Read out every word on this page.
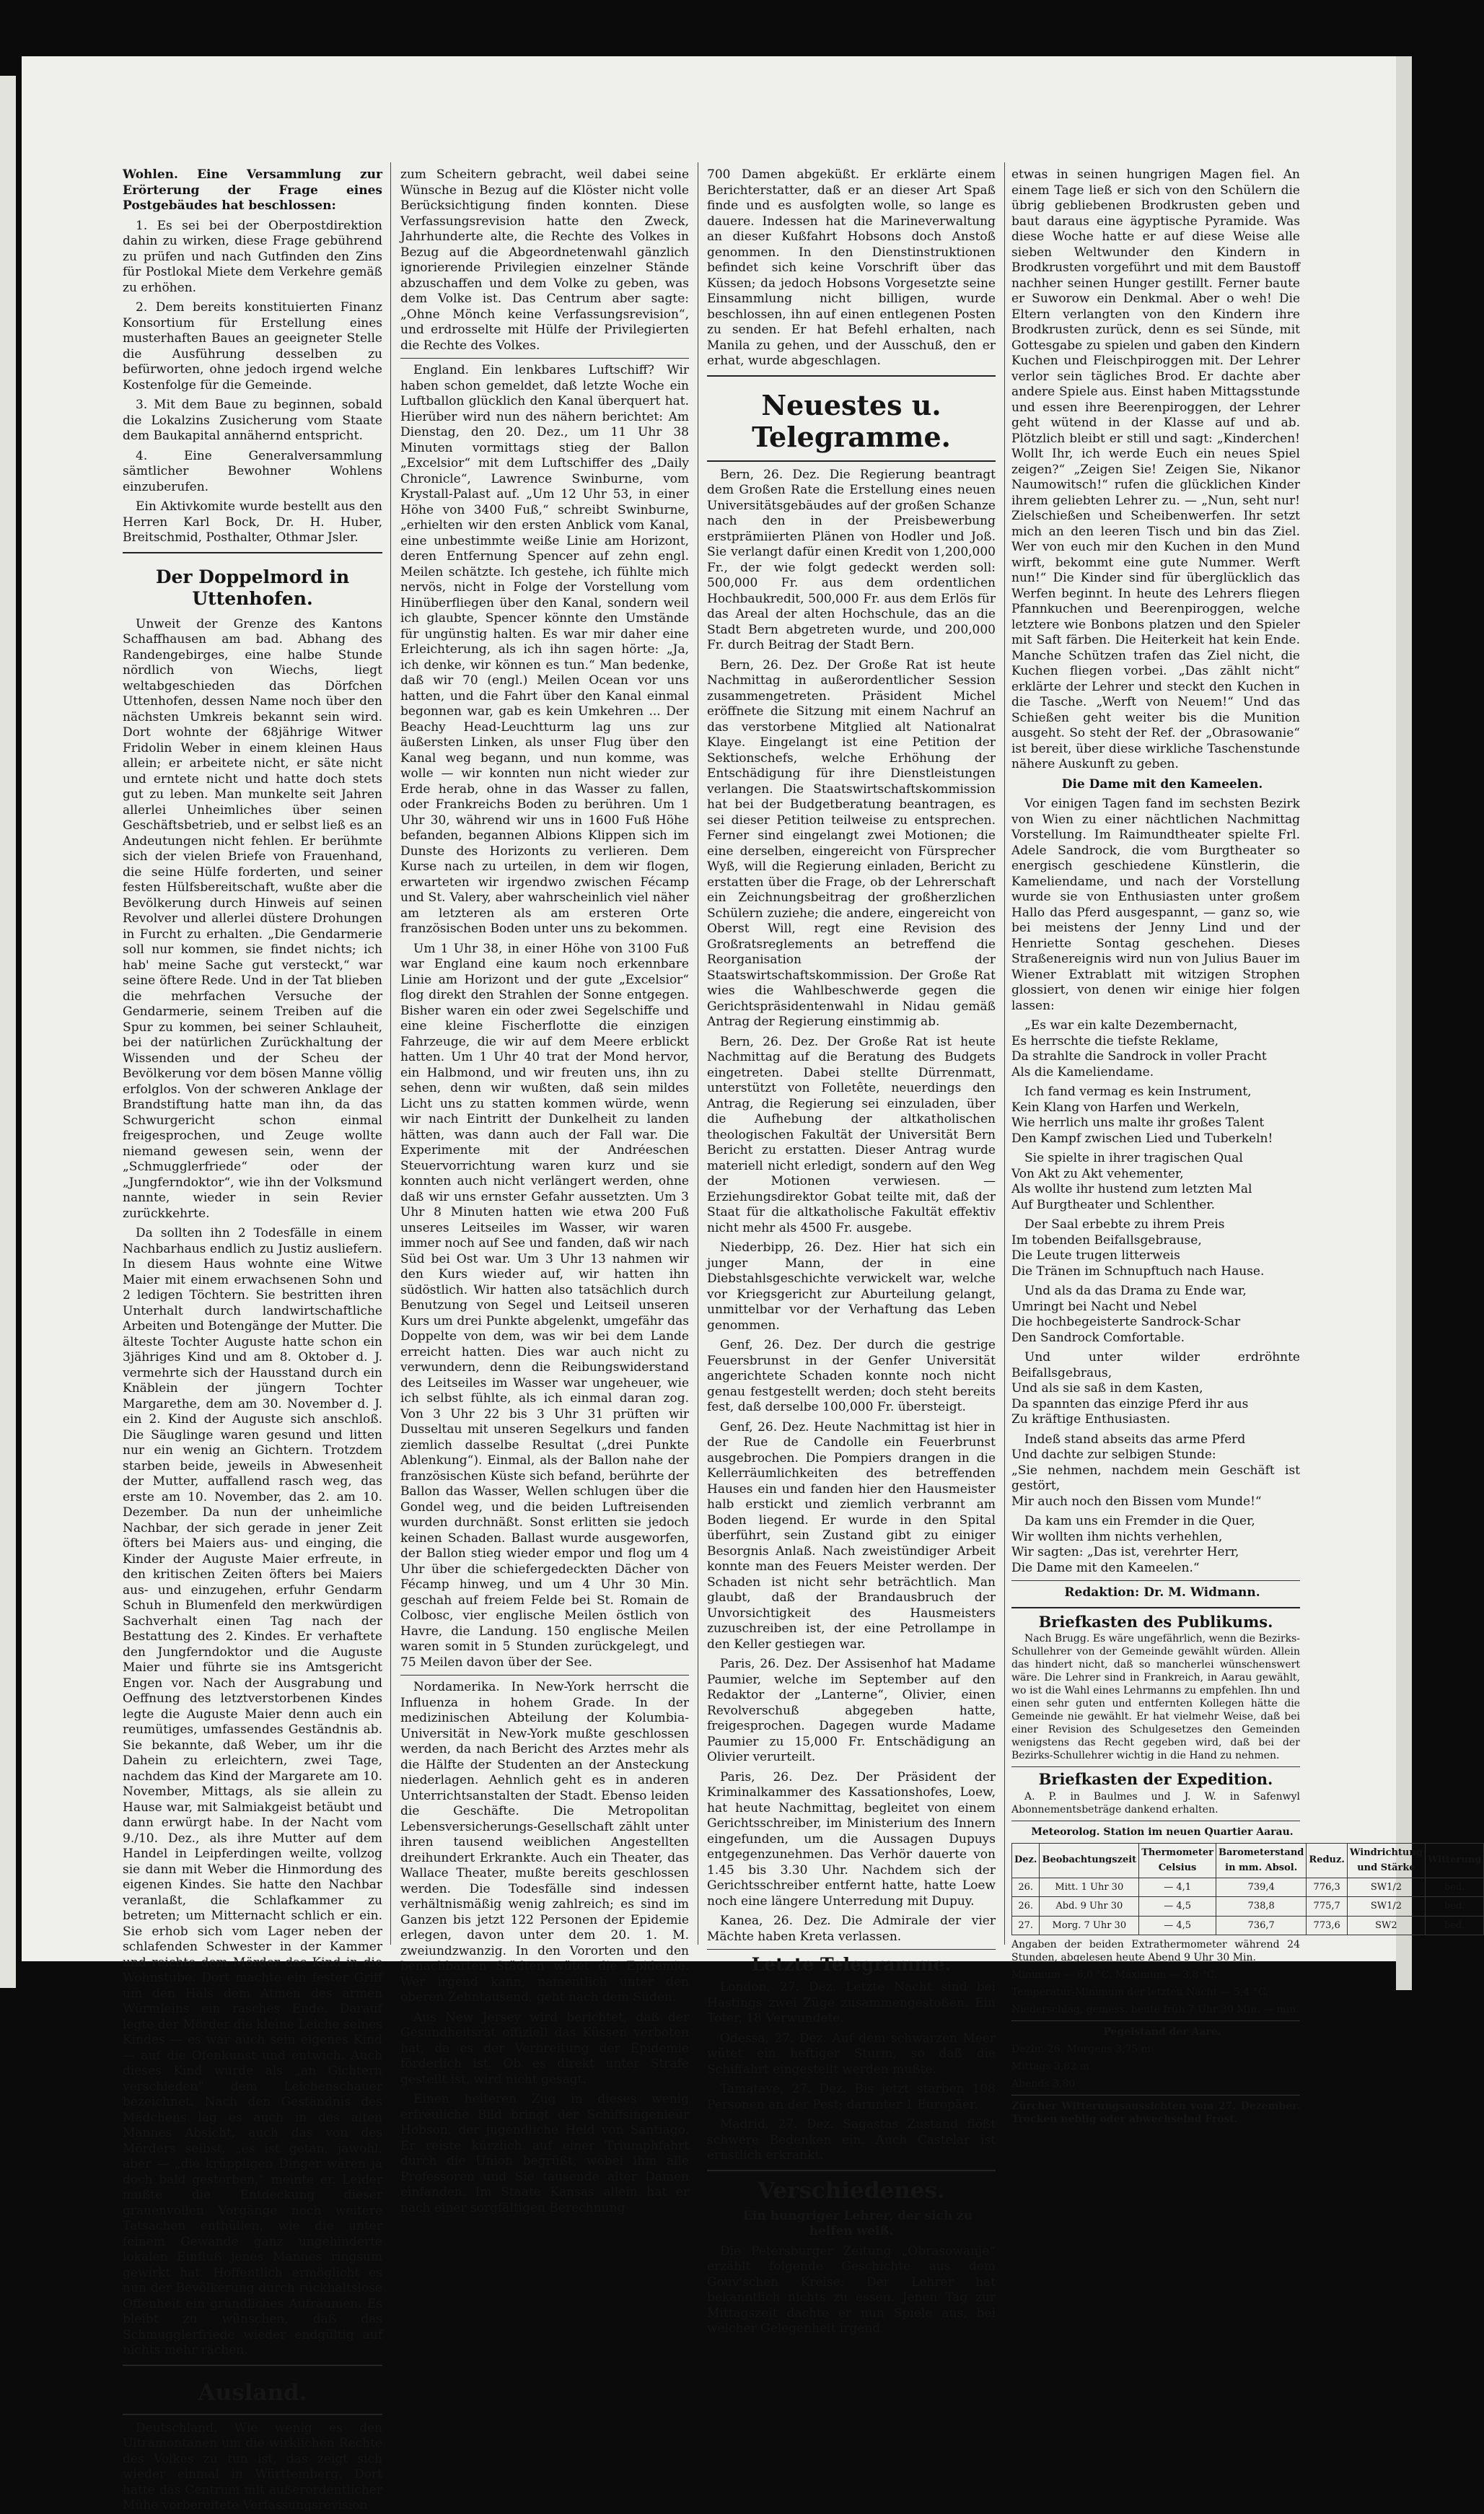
Wohlen. Eine Versammlung zur Erörterung der Frage eines Postgebäudes hat beschlossen:

1. Es sei bei der Oberpostdirektion dahin zu wirken, diese Frage gebührend zu prüfen und nach Gutfinden den Zins für Postlokal Miete dem Verkehre gemäß zu erhöhen.

2. Dem bereits konstituierten Finanz Konsortium für Erstellung eines musterhaften Baues an geeigneter Stelle die Ausführung desselben zu befürworten, ohne jedoch irgend welche Kostenfolge für die Gemeinde.

3. Mit dem Baue zu beginnen, sobald die Lokalzins Zusicherung vom Staate dem Baukapital annähernd entspricht.

4. Eine Generalversammlung sämtlicher Bewohner Wohlens einzuberufen.

Ein Aktivkomite wurde bestellt aus den Herren Karl Bock, Dr. H. Huber, Breitschmid, Posthalter, Othmar Jsler.

Der Doppelmord in Uttenhofen.

Unweit der Grenze des Kantons Schaffhausen am bad. Abhang des Randengebirges, eine halbe Stunde nördlich von Wiechs, liegt weltabgeschieden das Dörfchen Uttenhofen, dessen Name noch über den nächsten Umkreis bekannt sein wird. Dort wohnte der 68jährige Witwer Fridolin Weber in einem kleinen Haus allein; er arbeitete nicht, er säte nicht und erntete nicht und hatte doch stets gut zu leben. Man munkelte seit Jahren allerlei Unheimliches über seinen Geschäftsbetrieb, und er selbst ließ es an Andeutungen nicht fehlen. Er berühmte sich der vielen Briefe von Frauenhand, die seine Hülfe forderten, und seiner festen Hülfsbereitschaft, wußte aber die Bevölkerung durch Hinweis auf seinen Revolver und allerlei düstere Drohungen in Furcht zu erhalten. „Die Gendarmerie soll nur kommen, sie findet nichts; ich hab' meine Sache gut versteckt,“ war seine öftere Rede. Und in der Tat blieben die mehrfachen Versuche der Gendarmerie, seinem Treiben auf die Spur zu kommen, bei seiner Schlauheit, bei der natürlichen Zurückhaltung der Wissenden und der Scheu der Bevölkerung vor dem bösen Manne völlig erfolglos. Von der schweren Anklage der Brandstiftung hatte man ihn, da das Schwurgericht schon einmal freigesprochen, und Zeuge wollte niemand gewesen sein, wenn der „Schmugglerfriede“ oder der „Jungferndoktor“, wie ihn der Volksmund nannte, wieder in sein Revier zurückkehrte.

Da sollten ihn 2 Todesfälle in einem Nachbarhaus endlich zu Justiz ausliefern. In diesem Haus wohnte eine Witwe Maier mit einem erwachsenen Sohn und 2 ledigen Töchtern. Sie bestritten ihren Unterhalt durch landwirtschaftliche Arbeiten und Botengänge der Mutter. Die älteste Tochter Auguste hatte schon ein 3jähriges Kind und am 8. Oktober d. J. vermehrte sich der Hausstand durch ein Knäblein der jüngern Tochter Margarethe, dem am 30. November d. J. ein 2. Kind der Auguste sich anschloß. Die Säuglinge waren gesund und litten nur ein wenig an Gichtern. Trotzdem starben beide, jeweils in Abwesenheit der Mutter, auffallend rasch weg, das erste am 10. November, das 2. am 10. Dezember. Da nun der unheimliche Nachbar, der sich gerade in jener Zeit öfters bei Maiers aus- und einging, die Kinder der Auguste Maier erfreute, in den kritischen Zeiten öfters bei Maiers aus- und einzugehen, erfuhr Gendarm Schuh in Blumenfeld den merkwürdigen Sachverhalt einen Tag nach der Bestattung des 2. Kindes. Er verhaftete den Jungferndoktor und die Auguste Maier und führte sie ins Amtsgericht Engen vor. Nach der Ausgrabung und Oeffnung des letztverstorbenen Kindes legte die Auguste Maier denn auch ein reumütiges, umfassendes Geständnis ab. Sie bekannte, daß Weber, um ihr die Dahein zu erleichtern, zwei Tage, nachdem das Kind der Margarete am 10. November, Mittags, als sie allein zu Hause war, mit Salmiakgeist betäubt und dann erwürgt habe. In der Nacht vom 9./10. Dez., als ihre Mutter auf dem Handel in Leipferdingen weilte, vollzog sie dann mit Weber die Hinmordung des eigenen Kindes. Sie hatte den Nachbar veranlaßt, die Schlafkammer zu betreten; um Mitternacht schlich er ein. Sie erhob sich vom Lager neben der schlafenden Schwester in der Kammer und reichte dem Mörder das Kind in die Wohnstube. Dort machte ein fester Griff um den Hals dem Atmen des armen Würmleins ein rasches Ende. Darauf legte der Mörder die kleine Leiche seines Kindes — es war auch sein eigenes Kind — auf die Ofenkunst und entwich. Auch dieses Kind wurde als „an Gichtern verschieden“ dem Leichenschauer bezeichnet. Nach den Geständnis des Mädchens lag es auch in des alten Mannes Absicht, auch das von des Mörders selbst, „es ist getan, jawohl, aber — „die krüppligen Dinger wären ja doch bald gestorben,“ meinte er. Leider mußte die Entdeckung dieser grauenvollen Vorgänge noch weitere Tatsachen enthüllen, wie die unter feinem Gewande ganz ungehinderte lokalen Einfluß jenes Mannes ringsum gewirkt hat. Hoffentlich ermöglicht es nun der Bevölkerung durch rückhaltslose Offenheit ein gründliches Aufräumen. Es bleibt zu wünschen, daß das Schmugglerfriede wieder endgültig auf nichts mehr rächen.

Ausland.

Deutschland. Wie wenig es den Ultramontanen um die wirklichen Rechte des Volkes zu tun ist, das zeigt sich wieder einmal in Württemberg. Dort hatte das Centrum mit außerordentlicher Mühe vorbereitete Verfassungsrevision

zum Scheitern gebracht, weil dabei seine Wünsche in Bezug auf die Klöster nicht volle Berücksichtigung finden konnten. Diese Verfassungsrevision hatte den Zweck, Jahrhunderte alte, die Rechte des Volkes in Bezug auf die Abgeordnetenwahl gänzlich ignorierende Privilegien einzelner Stände abzuschaffen und dem Volke zu geben, was dem Volke ist. Das Centrum aber sagte: „Ohne Mönch keine Verfassungsrevision“, und erdrosselte mit Hülfe der Privilegierten die Rechte des Volkes.

England. Ein lenkbares Luftschiff? Wir haben schon gemeldet, daß letzte Woche ein Luftballon glücklich den Kanal überquert hat. Hierüber wird nun des nähern berichtet: Am Dienstag, den 20. Dez., um 11 Uhr 38 Minuten vormittags stieg der Ballon „Excelsior“ mit dem Luftschiffer des „Daily Chronicle“, Lawrence Swinburne, vom Krystall-Palast auf. „Um 12 Uhr 53, in einer Höhe von 3400 Fuß,“ schreibt Swinburne, „erhielten wir den ersten Anblick vom Kanal, eine unbestimmte weiße Linie am Horizont, deren Entfernung Spencer auf zehn engl. Meilen schätzte. Ich gestehe, ich fühlte mich nervös, nicht in Folge der Vorstellung vom Hinüberfliegen über den Kanal, sondern weil ich glaubte, Spencer könnte den Umstände für ungünstig halten. Es war mir daher eine Erleichterung, als ich ihn sagen hörte: „Ja, ich denke, wir können es tun.“ Man bedenke, daß wir 70 (engl.) Meilen Ocean vor uns hatten, und die Fahrt über den Kanal einmal begonnen war, gab es kein Umkehren ... Der Beachy Head-Leuchtturm lag uns zur äußersten Linken, als unser Flug über den Kanal weg begann, und nun komme, was wolle — wir konnten nun nicht wieder zur Erde herab, ohne in das Wasser zu fallen, oder Frankreichs Boden zu berühren. Um 1 Uhr 30, während wir uns in 1600 Fuß Höhe befanden, begannen Albions Klippen sich im Dunste des Horizonts zu verlieren. Dem Kurse nach zu urteilen, in dem wir flogen, erwarteten wir irgendwo zwischen Fécamp und St. Valery, aber wahrscheinlich viel näher am letzteren als am ersteren Orte französischen Boden unter uns zu bekommen.

Um 1 Uhr 38, in einer Höhe von 3100 Fuß war England eine kaum noch erkennbare Linie am Horizont und der gute „Excelsior“ flog direkt den Strahlen der Sonne entgegen. Bisher waren ein oder zwei Segelschiffe und eine kleine Fischerflotte die einzigen Fahrzeuge, die wir auf dem Meere erblickt hatten. Um 1 Uhr 40 trat der Mond hervor, ein Halbmond, und wir freuten uns, ihn zu sehen, denn wir wußten, daß sein mildes Licht uns zu statten kommen würde, wenn wir nach Eintritt der Dunkelheit zu landen hätten, was dann auch der Fall war. Die Experimente mit der Andréeschen Steuervorrichtung waren kurz und sie konnten auch nicht verlängert werden, ohne daß wir uns ernster Gefahr aussetzten. Um 3 Uhr 8 Minuten hatten wie etwa 200 Fuß unseres Leitseiles im Wasser, wir waren immer noch auf See und fanden, daß wir nach Süd bei Ost war. Um 3 Uhr 13 nahmen wir den Kurs wieder auf, wir hatten ihn südöstlich. Wir hatten also tatsächlich durch Benutzung von Segel und Leitseil unseren Kurs um drei Punkte abgelenkt, umgefähr das Doppelte von dem, was wir bei dem Lande erreicht hatten. Dies war auch nicht zu verwundern, denn die Reibungswiderstand des Leitseiles im Wasser war ungeheuer, wie ich selbst fühlte, als ich einmal daran zog. Von 3 Uhr 22 bis 3 Uhr 31 prüften wir Dusseltau mit unseren Segelkurs und fanden ziemlich dasselbe Resultat („drei Punkte Ablenkung“). Einmal, als der Ballon nahe der französischen Küste sich befand, berührte der Ballon das Wasser, Wellen schlugen über die Gondel weg, und die beiden Luftreisenden wurden durchnäßt. Sonst erlitten sie jedoch keinen Schaden. Ballast wurde ausgeworfen, der Ballon stieg wieder empor und flog um 4 Uhr über die schiefergedeckten Dächer von Fécamp hinweg, und um 4 Uhr 30 Min. geschah auf freiem Felde bei St. Romain de Colbosc, vier englische Meilen östlich von Havre, die Landung. 150 englische Meilen waren somit in 5 Stunden zurückgelegt, und 75 Meilen davon über der See.

Nordamerika. In New-York herrscht die Influenza in hohem Grade. In der medizinischen Abteilung der Kolumbia-Universität in New-York mußte geschlossen werden, da nach Bericht des Arztes mehr als die Hälfte der Studenten an der Ansteckung niederlagen. Aehnlich geht es in anderen Unterrichtsanstalten der Stadt. Ebenso leiden die Geschäfte. Die Metropolitan Lebensversicherungs-Gesellschaft zählt unter ihren tausend weiblichen Angestellten dreihundert Erkrankte. Auch ein Theater, das Wallace Theater, mußte bereits geschlossen werden. Die Todesfälle sind indessen verhältnismäßig wenig zahlreich; es sind im Ganzen bis jetzt 122 Personen der Epidemie erlegen, davon unter dem 20. 1. M. zweiundzwanzig. In den Vororten und den benachbarten Städten wütet die Epidemie. Wer irgend kann, namentlich unter den oberen Zehntausend, geht nach dem Süden.

Aus New Jersey wird berichtet, daß der Gesundheitsrat offiziell das Küssen verboten hat, da es der Verbreitung der Epidemie förderlich ist. Ob es direkt unter Strafe gestellt ist, wird nicht gesagt.

Einen heiteren Zug in dieses wenig erfreuliche Bild bringt der Schiffsingenieur Hobson, der jugendliche Held von Santiago. Er reiste kürzlich auf einer Triumphfahrt durch die Union begrüßt, wobei ihm alle Professoren und Sie tausende alter Damen einfanden. Im Staate Kansas allein hat er nach einer sorgfältigen Berechnung

700 Damen abgeküßt. Er erklärte einem Berichterstatter, daß er an dieser Art Spaß finde und es ausfolgten wolle, so lange es dauere. Indessen hat die Marineverwaltung an dieser Kußfahrt Hobsons doch Anstoß genommen. In den Dienstinstruktionen befindet sich keine Vorschrift über das Küssen; da jedoch Hobsons Vorgesetzte seine Einsammlung nicht billigen, wurde beschlossen, ihn auf einen entlegenen Posten zu senden. Er hat Befehl erhalten, nach Manila zu gehen, und der Ausschuß, den er erhat, wurde abgeschlagen.

Neuestes u. Telegramme.

Bern, 26. Dez. Die Regierung beantragt dem Großen Rate die Erstellung eines neuen Universitätsgebäudes auf der großen Schanze nach den in der Preisbewerbung erstprämiierten Plänen von Hodler und Joß. Sie verlangt dafür einen Kredit von 1,200,000 Fr., der wie folgt gedeckt werden soll: 500,000 Fr. aus dem ordentlichen Hochbaukredit, 500,000 Fr. aus dem Erlös für das Areal der alten Hochschule, das an die Stadt Bern abgetreten wurde, und 200,000 Fr. durch Beitrag der Stadt Bern.

Bern, 26. Dez. Der Große Rat ist heute Nachmittag in außerordentlicher Session zusammengetreten. Präsident Michel eröffnete die Sitzung mit einem Nachruf an das verstorbene Mitglied alt Nationalrat Klaye. Eingelangt ist eine Petition der Sektionschefs, welche Erhöhung der Entschädigung für ihre Dienstleistungen verlangen. Die Staatswirtschaftskommission hat bei der Budgetberatung beantragen, es sei dieser Petition teilweise zu entsprechen. Ferner sind eingelangt zwei Motionen; die eine derselben, eingereicht von Fürsprecher Wyß, will die Regierung einladen, Bericht zu erstatten über die Frage, ob der Lehrerschaft ein Zeichnungsbeitrag der großherzlichen Schülern zuziehe; die andere, eingereicht von Oberst Will, regt eine Revision des Großratsreglements an betreffend die Reorganisation der Staatswirtschaftskommission. Der Große Rat wies die Wahlbeschwerde gegen die Gerichtspräsidentenwahl in Nidau gemäß Antrag der Regierung einstimmig ab.

Bern, 26. Dez. Der Große Rat ist heute Nachmittag auf die Beratung des Budgets eingetreten. Dabei stellte Dürrenmatt, unterstützt von Folletête, neuerdings den Antrag, die Regierung sei einzuladen, über die Aufhebung der altkatholischen theologischen Fakultät der Universität Bern Bericht zu erstatten. Dieser Antrag wurde materiell nicht erledigt, sondern auf den Weg der Motionen verwiesen. — Erziehungsdirektor Gobat teilte mit, daß der Staat für die altkatholische Fakultät effektiv nicht mehr als 4500 Fr. ausgebe.

Niederbipp, 26. Dez. Hier hat sich ein junger Mann, der in eine Diebstahlsgeschichte verwickelt war, welche vor Kriegsgericht zur Aburteilung gelangt, unmittelbar vor der Verhaftung das Leben genommen.

Genf, 26. Dez. Der durch die gestrige Feuersbrunst in der Genfer Universität angerichtete Schaden konnte noch nicht genau festgestellt werden; doch steht bereits fest, daß derselbe 100,000 Fr. übersteigt.

Genf, 26. Dez. Heute Nachmittag ist hier in der Rue de Candolle ein Feuerbrunst ausgebrochen. Die Pompiers drangen in die Kellerräumlichkeiten des betreffenden Hauses ein und fanden hier den Hausmeister halb erstickt und ziemlich verbrannt am Boden liegend. Er wurde in den Spital überführt, sein Zustand gibt zu einiger Besorgnis Anlaß. Nach zweistündiger Arbeit konnte man des Feuers Meister werden. Der Schaden ist nicht sehr beträchtlich. Man glaubt, daß der Brandausbruch der Unvorsichtigkeit des Hausmeisters zuzuschreiben ist, der eine Petrollampe in den Keller gestiegen war.

Paris, 26. Dez. Der Assisenhof hat Madame Paumier, welche im September auf den Redaktor der „Lanterne“, Olivier, einen Revolverschuß abgegeben hatte, freigesprochen. Dagegen wurde Madame Paumier zu 15,000 Fr. Entschädigung an Olivier verurteilt.

Paris, 26. Dez. Der Präsident der Kriminalkammer des Kassationshofes, Loew, hat heute Nachmittag, begleitet von einem Gerichtsschreiber, im Ministerium des Innern eingefunden, um die Aussagen Dupuys entgegenzunehmen. Das Verhör dauerte von 1.45 bis 3.30 Uhr. Nachdem sich der Gerichtsschreiber entfernt hatte, hatte Loew noch eine längere Unterredung mit Dupuy.

Kanea, 26. Dez. Die Admirale der vier Mächte haben Kreta verlassen.

Letzte Telegramme.

London, 27. Dez. Letzte Nacht sind bei Hastings zwei Züge zusammengestoßen. Ein Toter, 18 Verwundete.

Odessa, 27. Dez. Auf dem schwarzen Meer wütet ein heftiger Sturm, so daß die Schiffahrt eingestellt werden mußte.

Tamatave, 27. Dez. Bis jetzt starben 108 Personen an der Pest; darunter 1 Europäer.

Madrid, 27. Dez. Sagastas Zustand flößt schwere Bedenken ein. Auch Castelar ist ernstlich erkrankt.

Verschiedenes.

Ein hungriger Lehrer, der sich zu helfen weiß.

Die Petersburger Zeitung „Obrasowanje“ erzählt folgende Geschichte aus dem Gouv'schen Kreise: Der Lehrer hat bekanntlich nichts zu essen. Jenen Tag zur Mittagszeit dachte er nun Spiele aus, bei welcher Gelegenheit irgend

etwas in seinen hungrigen Magen fiel. An einem Tage ließ er sich von den Schülern die übrig gebliebenen Brodkrusten geben und baut daraus eine ägyptische Pyramide. Was diese Woche hatte er auf diese Weise alle sieben Weltwunder den Kindern in Brodkrusten vorgeführt und mit dem Baustoff nachher seinen Hunger gestillt. Ferner baute er Suworow ein Denkmal. Aber o weh! Die Eltern verlangten von den Kindern ihre Brodkrusten zurück, denn es sei Sünde, mit Gottesgabe zu spielen und gaben den Kindern Kuchen und Fleischpiroggen mit. Der Lehrer verlor sein tägliches Brod. Er dachte aber andere Spiele aus. Einst haben Mittagsstunde und essen ihre Beerenpiroggen, der Lehrer geht wütend in der Klasse auf und ab. Plötzlich bleibt er still und sagt: „Kinderchen! Wollt Ihr, ich werde Euch ein neues Spiel zeigen?“ „Zeigen Sie! Zeigen Sie, Nikanor Naumowitsch!“ rufen die glücklichen Kinder ihrem geliebten Lehrer zu. — „Nun, seht nur! Zielschießen und Scheibenwerfen. Ihr setzt mich an den leeren Tisch und bin das Ziel. Wer von euch mir den Kuchen in den Mund wirft, bekommt eine gute Nummer. Werft nun!“ Die Kinder sind für überglücklich das Werfen beginnt. In heute des Lehrers fliegen Pfannkuchen und Beerenpiroggen, welche letztere wie Bonbons platzen und den Spieler mit Saft färben. Die Heiterkeit hat kein Ende. Manche Schützen trafen das Ziel nicht, die Kuchen fliegen vorbei. „Das zählt nicht“ erklärte der Lehrer und steckt den Kuchen in die Tasche. „Werft von Neuem!“ Und das Schießen geht weiter bis die Munition ausgeht. So steht der Ref. der „Obrasowanie“ ist bereit, über diese wirkliche Taschenstunde nähere Auskunft zu geben.

Die Dame mit den Kameelen.

Vor einigen Tagen fand im sechsten Bezirk von Wien zu einer nächtlichen Nachmittag Vorstellung. Im Raimundtheater spielte Frl. Adele Sandrock, die vom Burgtheater so energisch geschiedene Künstlerin, die Kameliendame, und nach der Vorstellung wurde sie von Enthusiasten unter großem Hallo das Pferd ausgespannt, — ganz so, wie bei meistens der Jenny Lind und der Henriette Sontag geschehen. Dieses Straßenereignis wird nun von Julius Bauer im Wiener Extrablatt mit witzigen Strophen glossiert, von denen wir einige hier folgen lassen:

„Es war ein kalte Dezembernacht,
Es herrschte die tiefste Reklame,
Da strahlte die Sandrock in voller Pracht
Als die Kameliendame.

Ich fand vermag es kein Instrument,
Kein Klang von Harfen und Werkeln,
Wie herrlich uns malte ihr großes Talent
Den Kampf zwischen Lied und Tuberkeln!

Sie spielte in ihrer tragischen Qual
Von Akt zu Akt vehementer,
Als wollte ihr hustend zum letzten Mal
Auf Burgtheater und Schlenther.

Der Saal erbebte zu ihrem Preis
Im tobenden Beifallsgebrause,
Die Leute trugen litterweis
Die Tränen im Schnupftuch nach Hause.

Und als da das Drama zu Ende war,
Umringt bei Nacht und Nebel
Die hochbegeisterte Sandrock-Schar
Den Sandrock Comfortable.

Und unter wilder erdröhnte Beifallsgebraus,
Und als sie saß in dem Kasten,
Da spannten das einzige Pferd ihr aus
Zu kräftige Enthusiasten.

Indeß stand abseits das arme Pferd
Und dachte zur selbigen Stunde:
„Sie nehmen, nachdem mein Geschäft ist gestört,
Mir auch noch den Bissen vom Munde!“

Da kam uns ein Fremder in die Quer,
Wir wollten ihm nichts verhehlen,
Wir sagten: „Das ist, verehrter Herr,
Die Dame mit den Kameelen.“

Redaktion: Dr. M. Widmann.

Briefkasten des Publikums.

Nach Brugg. Es wäre ungefährlich, wenn die Bezirks-Schullehrer von der Gemeinde gewählt würden. Allein das hindert nicht, daß so mancherlei wünschenswert wäre. Die Lehrer sind in Frankreich, in Aarau gewählt, wo ist die Wahl eines Lehrmanns zu empfehlen. Ihn und einen sehr guten und entfernten Kollegen hätte die Gemeinde nie gewählt. Er hat vielmehr Weise, daß bei einer Revision des Schulgesetzes den Gemeinden wenigstens das Recht gegeben wird, daß bei der Bezirks-Schullehrer wichtig in die Hand zu nehmen.

Briefkasten der Expedition.

A. P. in Baulmes und J. W. in Safenwyl Abonnementsbeträge dankend erhalten.

Meteorolog. Station im neuen Quartier Aarau.

Dez.	Beobachtungszeit	Thermometer Celsius	Barometerstand in mm. Absol.	Reduz.	Windrichtung und Stärke	Witterung
26.	Mitt. 1 Uhr 30	— 4,1	739,4	776,3	SW1/2	bed.
26.	Abd. 9 Uhr 30	— 4,5	738,8	775,7	SW1/2	bed.
27.	Morg. 7 Uhr 30	— 4,5	736,7	773,6	SW2	bed.

Angaben der beiden Extrathermometer während 24 Stunden, abgelesen heute Abend 9 Uhr 30 Min.

Minimum — 6,0 °C. Maximum — 3,8 °C.

Temperatur-Minimum der letzten Nacht — 5,4 °C.

Niederschlag, gemess. heute früh 7 Uhr 30 Min. — mm.

Pegelstand der Aare.

Dezbr. 26. Morgens 3,75 m

Mittags 3,82 m

Abends 3,80

Zürcher Witterungsaussichten vom 27. Dezember. Trocken neblig oder abwechselnd Frost.
